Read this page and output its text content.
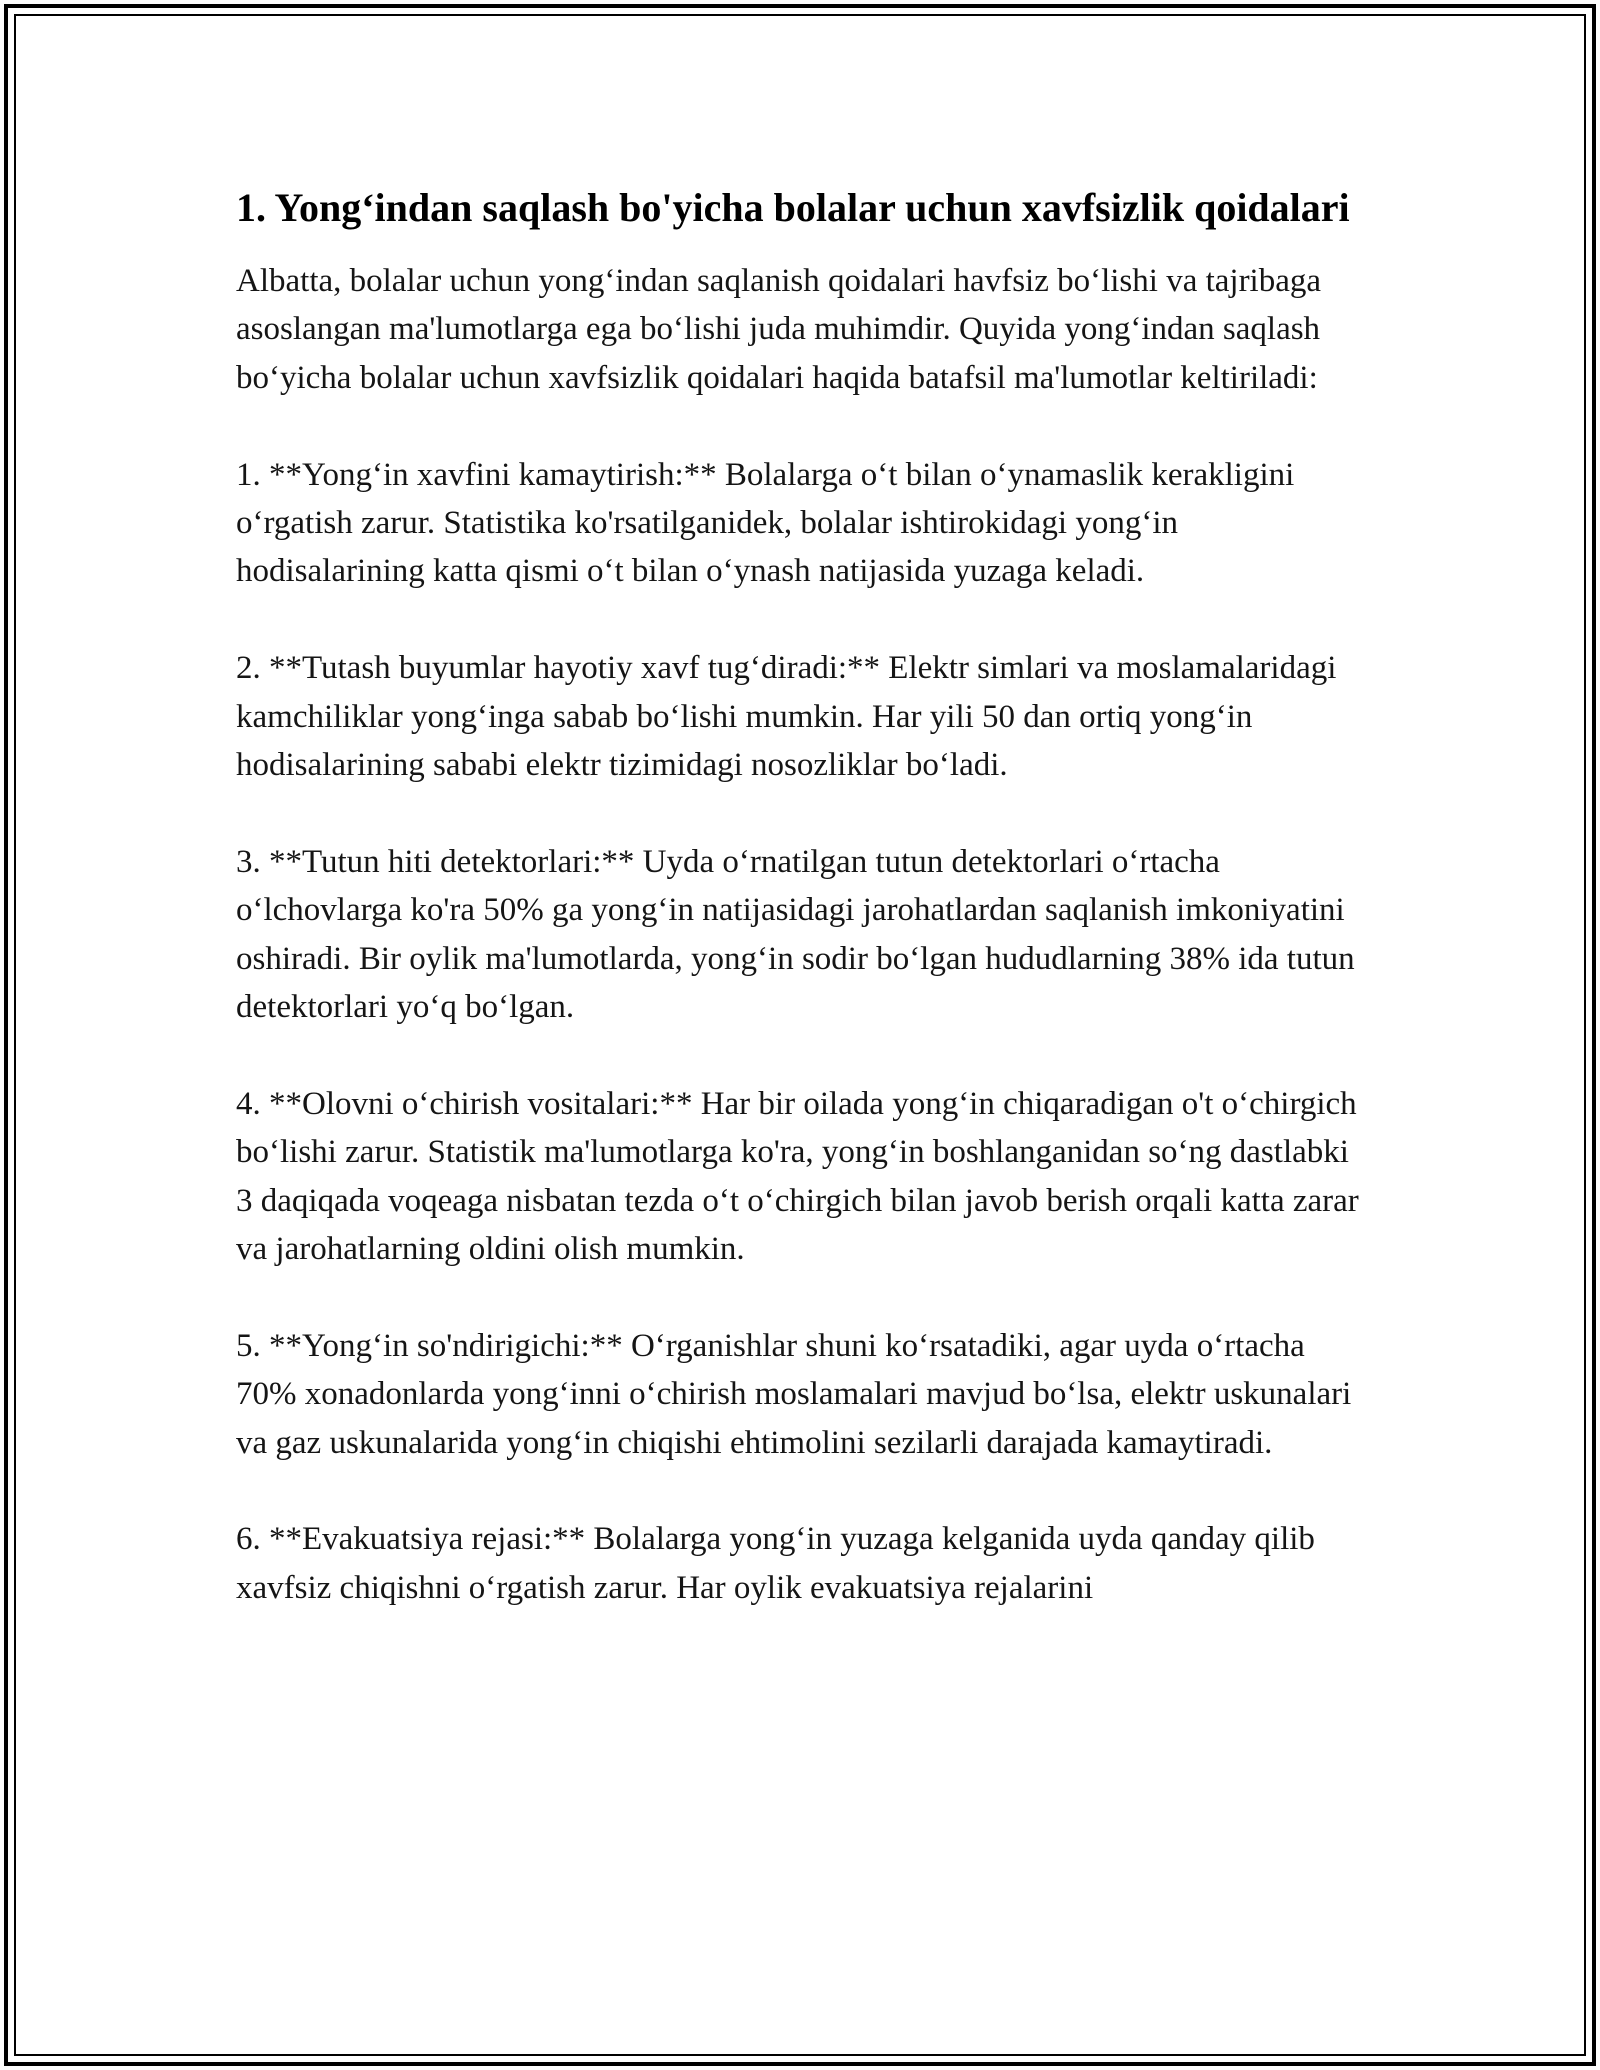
1. Yong‘indan saqlash bo'yicha bolalar uchun xavfsizlik qoidalari

Albatta, bolalar uchun yong‘indan saqlanish qoidalari havfsiz bo‘lishi va tajribaga asoslangan ma'lumotlarga ega bo‘lishi juda muhimdir. Quyida yong‘indan saqlash bo‘yicha bolalar uchun xavfsizlik qoidalari haqida batafsil ma'lumotlar keltiriladi:

1. **Yong‘in xavfini kamaytirish:** Bolalarga o‘t bilan o‘ynamaslik kerakligini o‘rgatish zarur. Statistika ko'rsatilganidek, bolalar ishtirokidagi yong‘in hodisalarining katta qismi o‘t bilan o‘ynash natijasida yuzaga keladi.

2. **Tutash buyumlar hayotiy xavf tug‘diradi:** Elektr simlari va moslamalaridagi kamchiliklar yong‘inga sabab bo‘lishi mumkin. Har yili 50 dan ortiq yong‘in hodisalarining sababi elektr tizimidagi nosozliklar bo‘ladi.

3. **Tutun hiti detektorlari:** Uyda o‘rnatilgan tutun detektorlari o‘rtacha o‘lchovlarga ko'ra 50% ga yong‘in natijasidagi jarohatlardan saqlanish imkoniyatini oshiradi. Bir oylik ma'lumotlarda, yong‘in sodir bo‘lgan hududlarning 38% ida tutun detektorlari yo‘q bo‘lgan.

4. **Olovni o‘chirish vositalari:** Har bir oilada yong‘in chiqaradigan o't o‘chirgich bo‘lishi zarur. Statistik ma'lumotlarga ko'ra, yong‘in boshlanganidan so‘ng dastlabki 3 daqiqada voqeaga nisbatan tezda o‘t o‘chirgich bilan javob berish orqali katta zarar va jarohatlarning oldini olish mumkin.

5. **Yong‘in so'ndirigichi:** O‘rganishlar shuni ko‘rsatadiki, agar uyda o‘rtacha 70% xonadonlarda yong‘inni o‘chirish moslamalari mavjud bo‘lsa, elektr uskunalari va gaz uskunalarida yong‘in chiqishi ehtimolini sezilarli darajada kamaytiradi.

6. **Evakuatsiya rejasi:** Bolalarga yong‘in yuzaga kelganida uyda qanday qilib xavfsiz chiqishni o‘rgatish zarur. Har oylik evakuatsiya rejalarini
